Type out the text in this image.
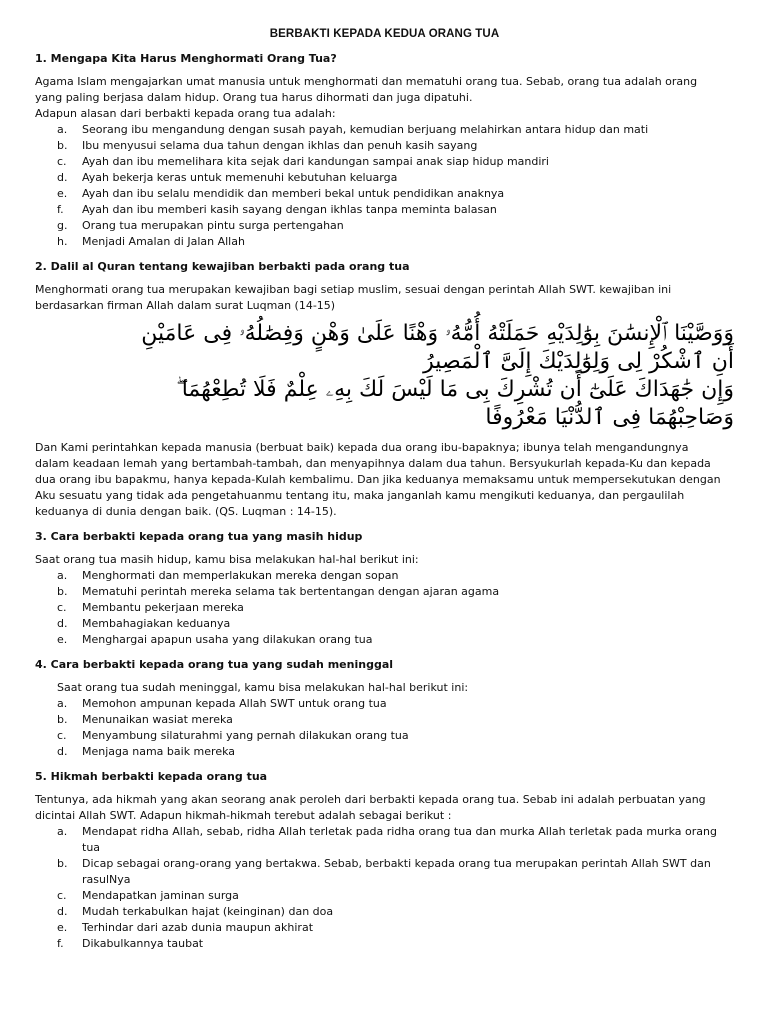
BERBAKTI KEPADA KEDUA ORANG TUA
1. Mengapa Kita Harus Menghormati Orang Tua?

Agama Islam mengajarkan umat manusia untuk menghormati dan mematuhi orang tua. Sebab, orang tua adalah orang

yang paling berjasa dalam hidup. Orang tua harus dihormati dan juga dipatuhi.

Adapun alasan dari berbakti kepada orang tua adalah:

a. Seorang ibu mengandung dengan susah payah, kemudian berjuang melahirkan antara hidup dan mati
b. Ibu menyusui selama dua tahun dengan ikhlas dan penuh kasih sayang
c. Ayah dan ibu memelihara kita sejak dari kandungan sampai anak siap hidup mandiri
d. Ayah bekerja keras untuk memenuhi kebutuhan keluarga
e. Ayah dan ibu selalu mendidik dan memberi bekal untuk pendidikan anaknya
f. Ayah dan ibu memberi kasih sayang dengan ikhlas tanpa meminta balasan
g. Orang tua merupakan pintu surga pertengahan
h. Menjadi Amalan di Jalan Allah
2. Dalil al Quran tentang kewajiban berbakti pada orang tua

Menghormati orang tua merupakan kewajiban bagi setiap muslim, sesuai dengan perintah Allah SWT. kewajiban ini

berdasarkan firman Allah dalam surat Luqman (14-15)

وَوَصَّيْنَا ٱلْإِنسَٰنَ بِوَٰلِدَيْهِ حَمَلَتْهُ أُمُّهُۥ وَهْنًا عَلَىٰ وَهْنٍ وَفِصَٰلُهُۥ فِى عَامَيْنِ
أَنِ ٱشْكُرْ لِى وَلِوَٰلِدَيْكَ إِلَىَّ ٱلْمَصِيرُ
وَإِن جَٰهَدَاكَ عَلَىٰٓ أَن تُشْرِكَ بِى مَا لَيْسَ لَكَ بِهِۦ عِلْمٌ فَلَا تُطِعْهُمَا ۖ
وَصَاحِبْهُمَا فِى ٱلدُّنْيَا مَعْرُوفًا

Dan Kami perintahkan kepada manusia (berbuat baik) kepada dua orang ibu-bapaknya; ibunya telah mengandungnya

dalam keadaan lemah yang bertambah-tambah, dan menyapihnya dalam dua tahun. Bersyukurlah kepada-Ku dan kepada

dua orang ibu bapakmu, hanya kepada-Kulah kembalimu. Dan jika keduanya memaksamu untuk mempersekutukan dengan

Aku sesuatu yang tidak ada pengetahuanmu tentang itu, maka janganlah kamu mengikuti keduanya, dan pergaulilah

keduanya di dunia dengan baik. (QS. Luqman : 14-15).

3. Cara berbakti kepada orang tua yang masih hidup

Saat orang tua masih hidup, kamu bisa melakukan hal-hal berikut ini:

a. Menghormati dan memperlakukan mereka dengan sopan
b. Mematuhi perintah mereka selama tak bertentangan dengan ajaran agama
c. Membantu pekerjaan mereka
d. Membahagiakan keduanya
e. Menghargai apapun usaha yang dilakukan orang tua
4. Cara berbakti kepada orang tua yang sudah meninggal

Saat orang tua sudah meninggal, kamu bisa melakukan hal-hal berikut ini:

a. Memohon ampunan kepada Allah SWT untuk orang tua
b. Menunaikan wasiat mereka
c. Menyambung silaturahmi yang pernah dilakukan orang tua
d. Menjaga nama baik mereka
5. Hikmah berbakti kepada orang tua

Tentunya, ada hikmah yang akan seorang anak peroleh dari berbakti kepada orang tua. Sebab ini adalah perbuatan yang

dicintai Allah SWT. Adapun hikmah-hikmah terebut adalah sebagai berikut :

a. Mendapat ridha Allah, sebab, ridha Allah terletak pada ridha orang tua dan murka Allah terletak pada murka orang
tua
b. Dicap sebagai orang-orang yang bertakwa. Sebab, berbakti kepada orang tua merupakan perintah Allah SWT dan
rasulNya
c. Mendapatkan jaminan surga
d. Mudah terkabulkan hajat (keinginan) dan doa
e. Terhindar dari azab dunia maupun akhirat
f. Dikabulkannya taubat
